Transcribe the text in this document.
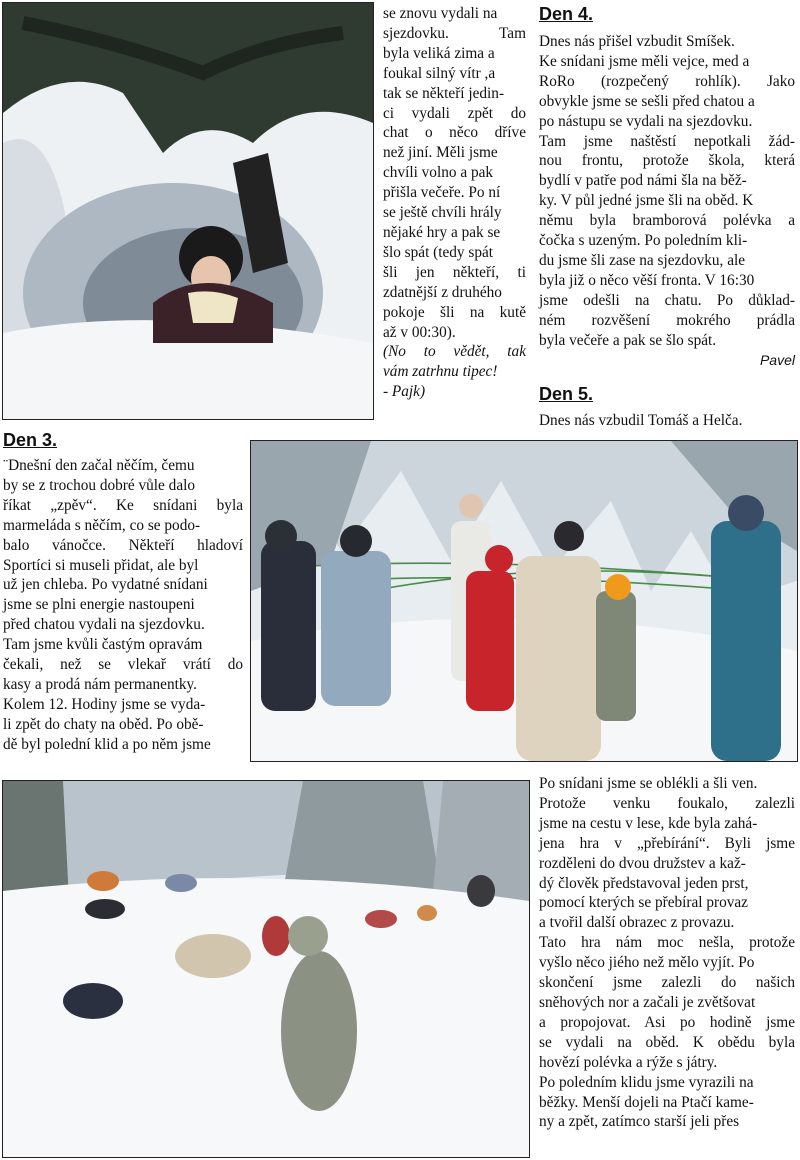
se znovu vydali na

sjezdovku. Tam

byla veliká zima a

foukal silný vítr ,a

tak se někteří jedin-

ci vydali zpět do

chat o něco dříve

než jiní. Měli jsme

chvíli volno a pak

přišla večeře. Po ní

se ještě chvíli hrály

nějaké hry a pak se

šlo spát (tedy spát

šli jen někteří, ti

zdatnější z druhého

pokoje šli na kutě

až v 00:30).

(No to vědět, tak

vám zatrhnu tipec!

- Pajk)

Den 4.

Dnes nás přišel vzbudit Smíšek.

Ke snídani jsme měli vejce, med a

RoRo (rozpečený rohlík). Jako

obvykle jsme se sešli před chatou a

po nástupu se vydali na sjezdovku.

Tam jsme naštěstí nepotkali žád-

nou frontu, protože škola, která

bydlí v patře pod námi šla na běž-

ky. V půl jedné jsme šli na oběd. K

němu byla bramborová polévka a

čočka s uzeným. Po poledním kli-

du jsme šli zase na sjezdovku, ale

byla již o něco věší fronta. V 16:30

jsme odešli na chatu. Po důklad-

ném rozvěšení mokrého prádla

byla večeře a pak se šlo spát.

Pavel

Den 5.
Dnes nás vzbudil Tomáš a Helča.
Den 3.

¨Dnešní den začal něčím, čemu

by se z trochou dobré vůle dalo

říkat „zpěv“. Ke snídani byla

marmeláda s něčím, co se podo-

balo vánočce. Někteří hladoví

Sportíci si museli přidat, ale byl

už jen chleba. Po vydatné snídani

jsme se plni energie nastoupeni

před chatou vydali na sjezdovku.

Tam jsme kvůli častým opravám

čekali, než se vlekař vrátí do

kasy a prodá nám permanentky.

Kolem 12. Hodiny jsme se vyda-

li zpět do chaty na oběd. Po obě-

dě byl polední klid a po něm jsme

Po snídani jsme se oblékli a šli ven.

Protože venku foukalo, zalezli

jsme na cestu v lese, kde byla zahá-

jena hra v „přebírání“. Byli jsme

rozděleni do dvou družstev a kaž-

dý člověk představoval jeden prst,

pomocí kterých se přebíral provaz

a tvořil další obrazec z provazu.

Tato hra nám moc nešla, protože

vyšlo něco jiého než mělo vyjít. Po

skončení jsme zalezli do našich

sněhových nor a začali je zvětšovat

a propojovat. Asi po hodině jsme

se vydali na oběd. K obědu byla

hovězí polévka a rýže s játry.

Po poledním klidu jsme vyrazili na

běžky. Menší dojeli na Ptačí kame-

ny a zpět, zatímco starší jeli přes
